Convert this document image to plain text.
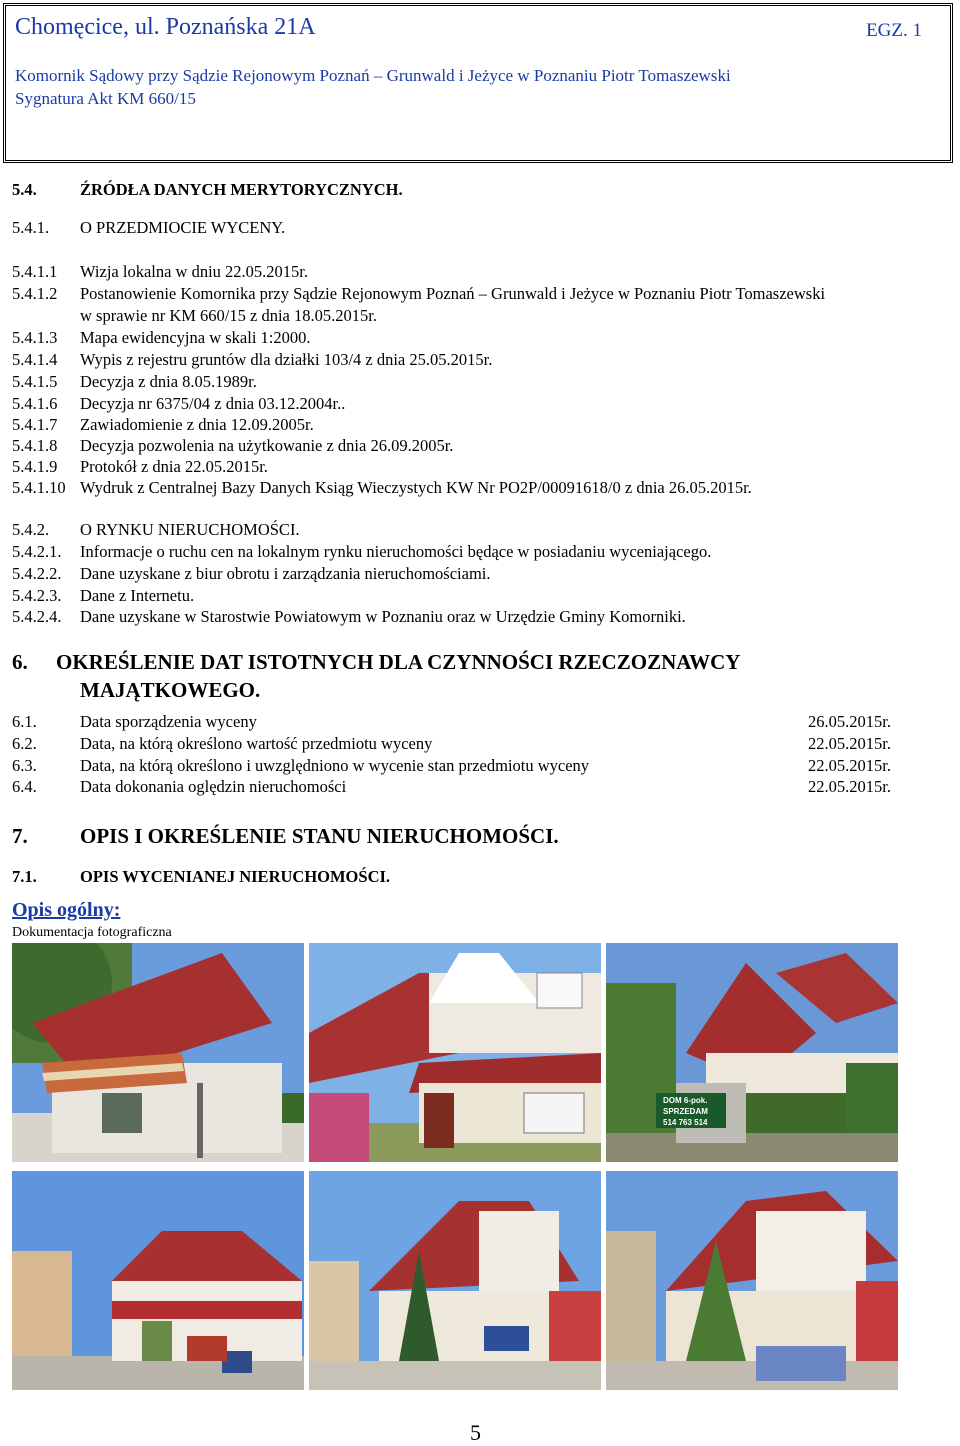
Chomęcice, ul. Poznańska 21A	EGZ. 1
Komornik Sądowy przy Sądzie Rejonowym Poznań – Grunwald i Jeżyce w Poznaniu Piotr Tomaszewski
Sygnatura Akt KM 660/15
5.4.	ŹRÓDŁA DANYCH MERYTORYCZNYCH.
5.4.1. O PRZEDMIOCIE WYCENY.
5.4.1.1 Wizja lokalna w dniu 22.05.2015r.
5.4.1.2 Postanowienie Komornika przy Sądzie Rejonowym Poznań – Grunwald i Jeżyce w Poznaniu Piotr Tomaszewski
w sprawie nr KM 660/15 z dnia 18.05.2015r.
5.4.1.3 Mapa ewidencyjna w skali 1:2000.
5.4.1.4 Wypis z rejestru gruntów dla działki 103/4 z dnia 25.05.2015r.
5.4.1.5 Decyzja z dnia 8.05.1989r.
5.4.1.6 Decyzja nr 6375/04 z dnia 03.12.2004r..
5.4.1.7 Zawiadomienie z dnia 12.09.2005r.
5.4.1.8 Decyzja pozwolenia na użytkowanie z dnia 26.09.2005r.
5.4.1.9 Protokół z dnia 22.05.2015r.
5.4.1.10 Wydruk z Centralnej Bazy Danych Ksiąg Wieczystych KW Nr PO2P/00091618/0 z dnia 26.05.2015r.
5.4.2. O RYNKU NIERUCHOMOŚCI.
5.4.2.1. Informacje o ruchu cen na lokalnym rynku nieruchomości będące w posiadaniu wyceniającego.
5.4.2.2. Dane uzyskane z biur obrotu i zarządzania nieruchomościami.
5.4.2.3. Dane z Internetu.
5.4.2.4. Dane uzyskane w Starostwie Powiatowym w Poznaniu oraz w Urzędzie Gminy Komorniki.
6. OKREŚLENIE DAT ISTOTNYCH DLA CZYNNOŚCI RZECZOZNAWCY
MAJĄTKOWEGO.
6.1.	Data sporządzenia wyceny	26.05.2015r.
6.2.	Data, na którą określono wartość przedmiotu wyceny	22.05.2015r.
6.3.	Data, na którą określono i uwzględniono w wycenie stan przedmiotu wyceny	22.05.2015r.
6.4.	Data dokonania oględzin nieruchomości	22.05.2015r.
7. OPIS I OKREŚLENIE STANU NIERUCHOMOŚCI.
7.1.	OPIS WYCENIANEJ NIERUCHOMOŚCI.
Opis ogólny:
Dokumentacja fotograficzna
DOM 6-pok.
SPRZEDAM
514 763 514
5
